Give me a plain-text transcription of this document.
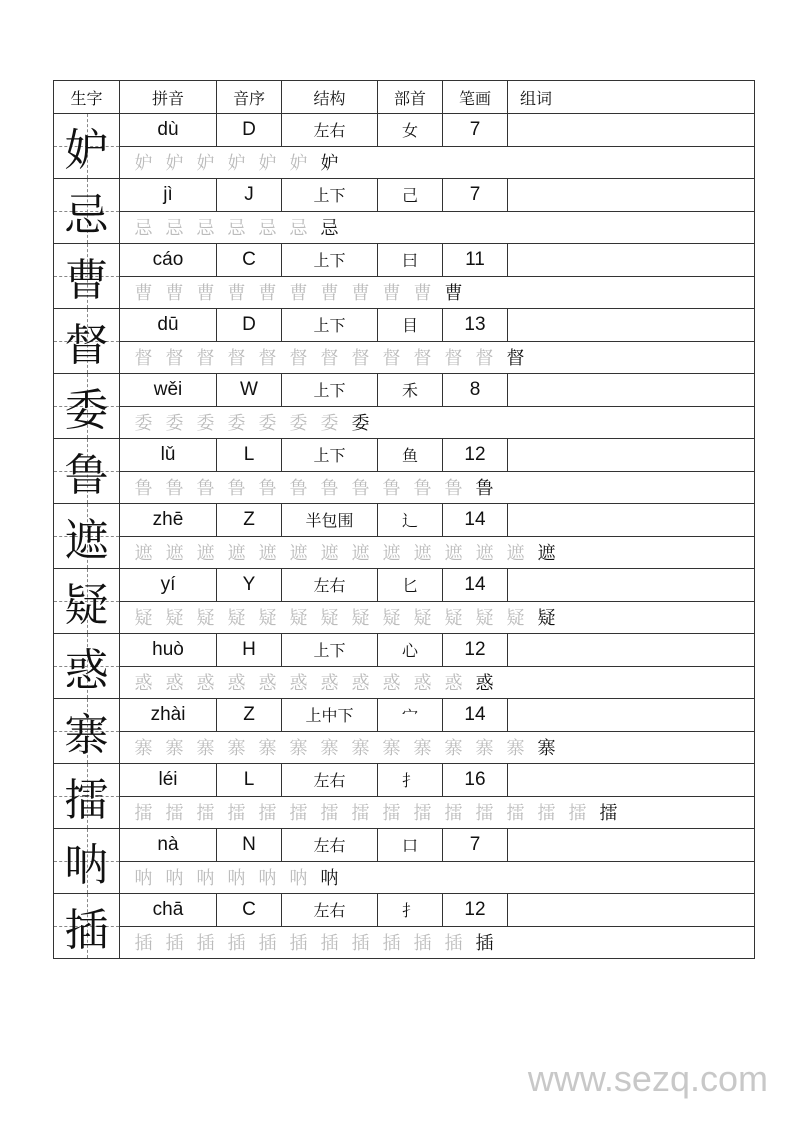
生字	拼音	音序	结构	部首	笔画	组词

妒	dù	D	左右	女	7	
	妒 妒 妒 妒 妒 妒 妒					

忌	jì	J	上下	己	7	
	忌 忌 忌 忌 忌 忌 忌					

曹	cáo	C	上下	曰	11	
	曹 曹 曹 曹 曹 曹 曹 曹 曹 曹 曹					

督	dū	D	上下	目	13	
	督 督 督 督 督 督 督 督 督 督 督 督 督					

委	wěi	W	上下	禾	8	
	委 委 委 委 委 委 委 委					

鲁	lǔ	L	上下	鱼	12	
	鲁 鲁 鲁 鲁 鲁 鲁 鲁 鲁 鲁 鲁 鲁 鲁					

遮	zhē	Z	半包围	辶	14	
	遮 遮 遮 遮 遮 遮 遮 遮 遮 遮 遮 遮 遮 遮					

疑	yí	Y	左右	匕	14	
	疑 疑 疑 疑 疑 疑 疑 疑 疑 疑 疑 疑 疑 疑					

惑	huò	H	上下	心	12	
	惑 惑 惑 惑 惑 惑 惑 惑 惑 惑 惑 惑					

寨	zhài	Z	上中下	宀	14	
	寨 寨 寨 寨 寨 寨 寨 寨 寨 寨 寨 寨 寨 寨					

擂	léi	L	左右	扌	16	
	擂 擂 擂 擂 擂 擂 擂 擂 擂 擂 擂 擂 擂 擂 擂 擂					

呐	nà	N	左右	口	7	
	呐 呐 呐 呐 呐 呐 呐					

插	chā	C	左右	扌	12	
	插 插 插 插 插 插 插 插 插 插 插 插					
www.sezq.com
